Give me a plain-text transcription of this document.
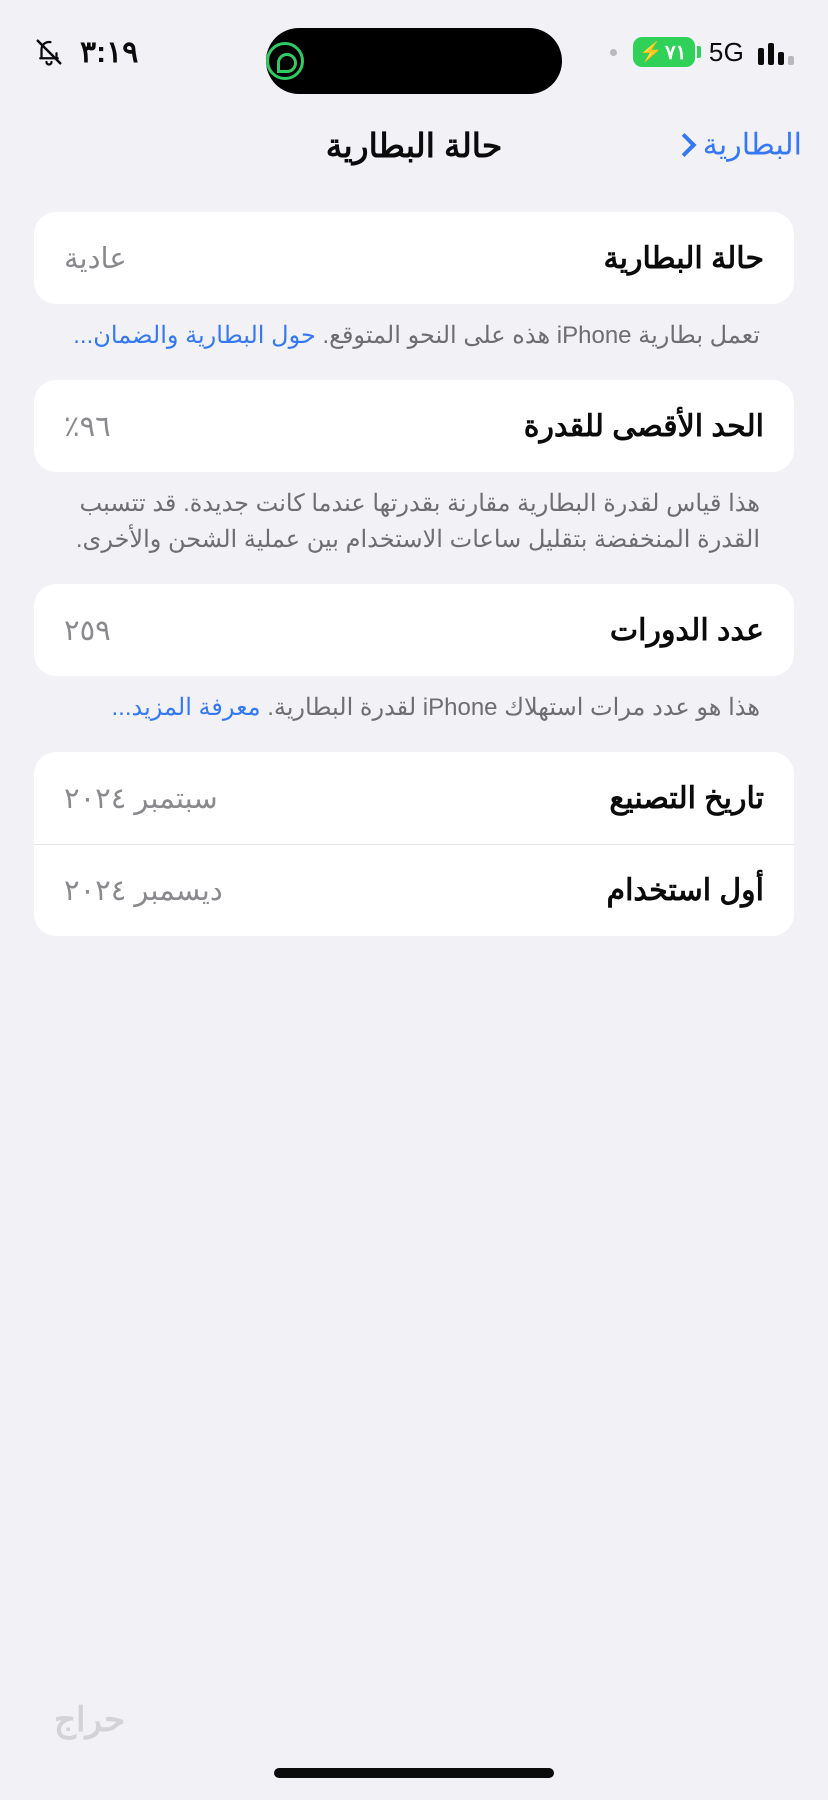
⚡ ٧١ 5G
٣:١٩
حالة البطارية	البطارية
حالة البطارية
عادية
تعمل بطارية iPhone هذه على النحو المتوقع. حول البطارية والضمان...
الحد الأقصى للقدرة
٩٦٪
هذا قياس لقدرة البطارية مقارنة بقدرتها عندما كانت جديدة. قد تتسبب القدرة المنخفضة بتقليل ساعات الاستخدام بين عملية الشحن والأخرى.
عدد الدورات
٢٥٩
هذا هو عدد مرات استهلاك iPhone لقدرة البطارية. معرفة المزيد...
تاريخ التصنيع
سبتمبر ٢٠٢٤
أول استخدام
ديسمبر ٢٠٢٤
حراج
